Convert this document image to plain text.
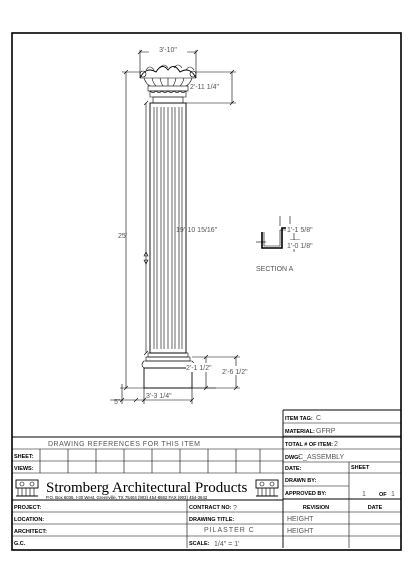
3'-10"
2'-11 1/4"
25'
19'-10 15/16"
2'-1 1/2"
2'-6 1/2"
3'-3 1/4"
5"
1'-1 5/8"
1'-0 1/8"
SECTION A
DRAWING REFERENCES FOR THIS ITEM
SHEET:
VIEWS:
Stromberg Architectural Products
P.O. Box 6036, I-30 West, Greenville, TX 75404 (903) 454-8682 FAX (903) 454-3642
PROJECT:
LOCATION:
ARCHITECT:
G.C.
CONTRACT NO: ?
DRAWING TITLE:
PILASTER C
SCALE: 1/4" = 1'
ITEM TAG: C
MATERIAL: GFRP
TOTAL # OF ITEM: 2
DWG:
C_ASSEMBLY
DATE:	SHEET
DRAWN BY:
APPROVED BY:	1 OF 1
REVISION	DATE
HEIGHT
HEIGHT
